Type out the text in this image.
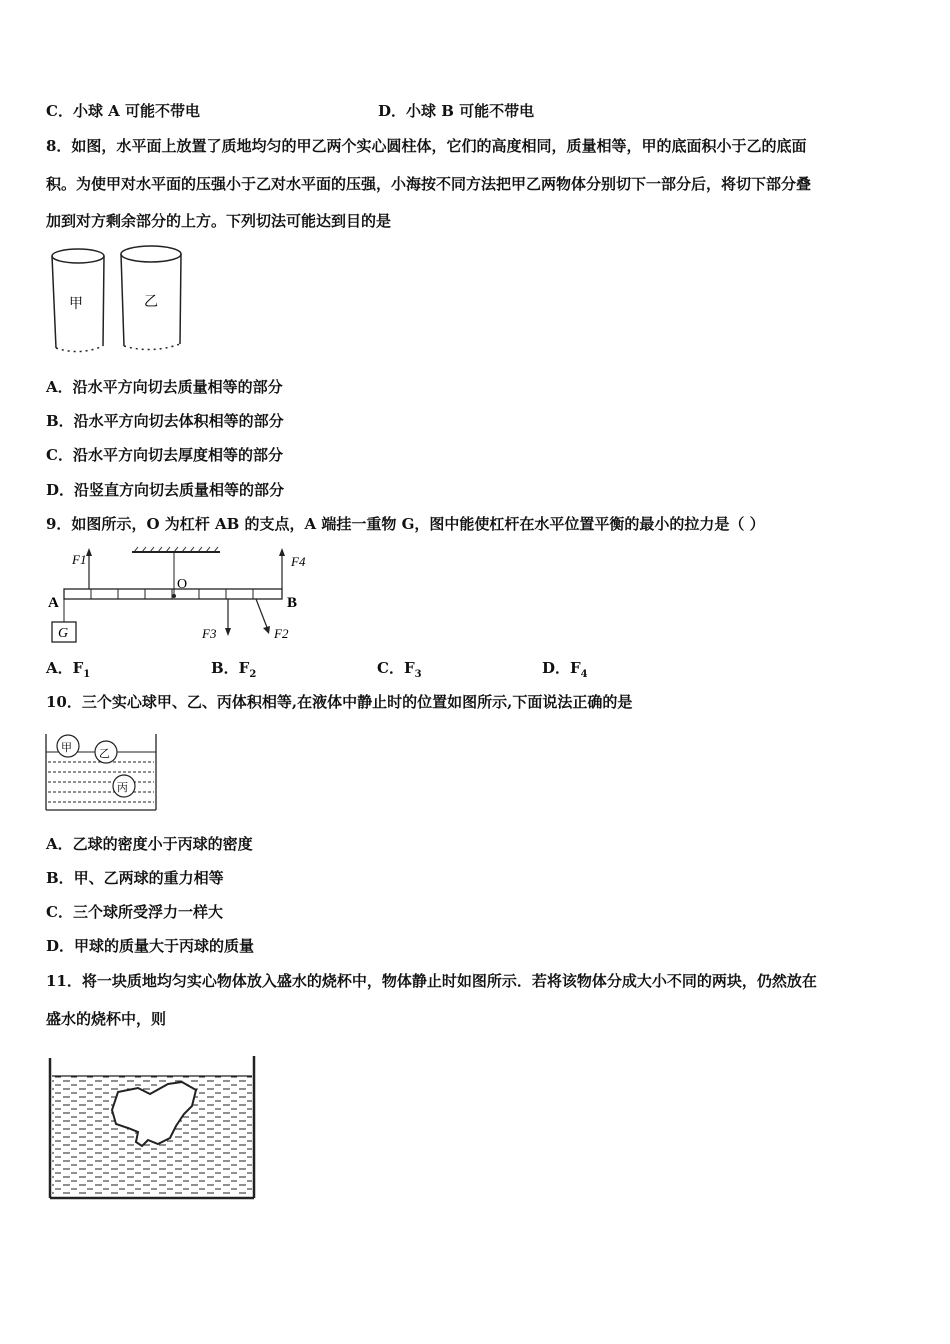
C．小球 A 可能不带电	D．小球 B 可能不带电
8．如图，水平面上放置了质地均匀的甲乙两个实心圆柱体，它们的高度相同，质量相等，甲的底面积小于乙的底面
积。为使甲对水平面的压强小于乙对水平面的压强，小海按不同方法把甲乙两物体分别切下一部分后，将切下部分叠
加到对方剩余部分的上方。下列切法可能达到目的是
甲	乙
A．沿水平方向切去质量相等的部分
B．沿水平方向切去体积相等的部分
C．沿水平方向切去厚度相等的部分
D．沿竖直方向切去质量相等的部分
9．如图所示，O 为杠杆 AB 的支点，A 端挂一重物 G，图中能使杠杆在水平位置平衡的最小的拉力是（ ）
O
A	B
G
F1	F4
F3	F2
A．$F_1$	B．$F_2$	C．$F_3$	D．$F_4$
10．三个实心球甲、乙、丙体积相等,在液体中静止时的位置如图所示,下面说法正确的是
甲 乙
丙
A．乙球的密度小于丙球的密度
B．甲、乙两球的重力相等
C．三个球所受浮力一样大
D．甲球的质量大于丙球的质量
11．将一块质地均匀实心物体放入盛水的烧杯中，物体静止时如图所示．若将该物体分成大小不同的两块，仍然放在
盛水的烧杯中，则
